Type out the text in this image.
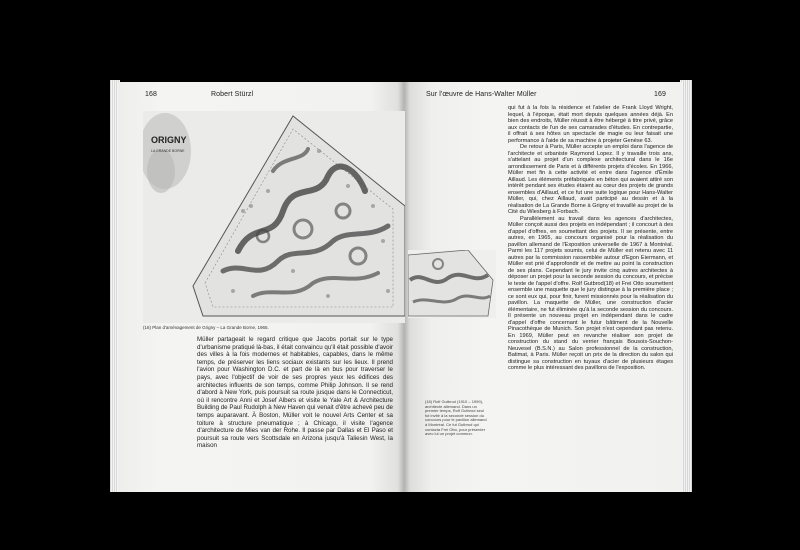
168	Robert Stürzl	Sur l'œuvre de Hans-Walter Müller	169
ORIGNY
LA GRANDE BORNE
(16) Plan d'aménagement de Grigny – La Grande Borne, 1965.

Müller partageait le regard critique que Jacobs portait sur le type d'urbanisme pratiqué là-bas, il était convaincu qu'il était possible d'avoir des villes à la fois modernes et habitables, capables, dans le même temps, de préserver les liens sociaux existants sur les lieux. Il prend l'avion pour Washington D.C. et part de là en bus pour traverser le pays, avec l'objectif de voir de ses propres yeux les édifices des architectes influents de son temps, comme Philip Johnson. Il se rend d'abord à New York, puis poursuit sa route jusque dans le Connecticut, où il rencontre Anni et Josef Albers et visite le Yale Art & Architecture Building de Paul Rudolph à New Haven qui venait d'être achevé peu de temps auparavant. À Boston, Müller voit le nouvel Arts Center et sa toiture à structure pneumatique ; à Chicago, il visite l'agence d'architecture de Mies van der Rohe. Il passe par Dallas et El Paso et poursuit sa route vers Scottsdale en Arizona jusqu'à Taliesin West, la maison

qui fut à la fois la résidence et l'atelier de Frank Lloyd Wright, lequel, à l'époque, était mort depuis quelques années déjà. En bien des endroits, Müller réussit à être hébergé à titre privé, grâce aux contacts de l'un de ses camarades d'études. En contrepartie, il offrait à ses hôtes un spectacle de magie ou leur faisait une performance à l'aide de sa machine à projeter Genèse 63.

De retour à Paris, Müller accepte un emploi dans l'agence de l'architecte et urbaniste Raymond Lopez. Il y travaille trois ans, s'attelant au projet d'un complexe architectural dans le 16e arrondissement de Paris et à différents projets d'écoles. En 1966, Müller met fin à cette activité et entre dans l'agence d'Émile Aillaud. Les éléments préfabriqués en béton qui avaient attiré son intérêt pendant ses études étaient au cœur des projets de grands ensembles d'Aillaud, et ce fut une suite logique pour Hans-Walter Müller, qui, chez Aillaud, avait participé au dessin et à la réalisation de La Grande Borne à Grigny et travaillé au projet de la Cité du Wiesberg à Forbach.

Parallèlement au travail dans les agences d'architectes, Müller conçoit aussi des projets en indépendant ; il concourt à des d'appel d'offres, en soumettant des projets. Il se présente, entre autres, en 1965, au concours organisé pour la réalisation du pavillon allemand de l'Exposition universelle de 1967 à Montréal. Parmi les 117 projets soumis, celui de Müller est retenu avec 11 autres par la commission rassemblée autour d'Egon Eiermann, et Müller est prié d'approfondir et de mettre au point la construction de ses plans. Cependant le jury invite cinq autres architectes à déposer un projet pour la seconde session du concours, et précise le texte de l'appel d'offre. Rolf Gutbrod(18) et Frei Otto soumettent ensemble une maquette que le jury distingue à la première place ; ce sont eux qui, pour finir, furent missionnés pour la réalisation du pavillon. La maquette de Müller, une construction d'acier élémentaire, ne fut éliminée qu'à la seconde session du concours. Il présente un nouveau projet en indépendant dans le cadre d'appel d'offre concernant le futur bâtiment de la Nouvelle Pinacothèque de Munich. Son projet n'est cependant pas retenu. En 1969, Müller peut en revanche réaliser son projet de construction du stand du verrier français Bousois-Souchon-Neuvesel (B.S.N.) au Salon professionnel de la construction, Batimat, à Paris. Müller reçoit un prix de la direction du salon qui distingue sa construction en tuyaux d'acier de plusieurs étages comme le plus intéressant des pavillons de l'exposition.

(18) Rolf Gutbrod (1910 – 1999), architecte allemand. Dans un premier temps, Rolf Gutbrod seul fut invité à la seconde session du concours pour le pavillon allemand à Montréal. Ce fut Gutbrod qui contacta Frei Otto, pour présenter avec lui un projet commun.
